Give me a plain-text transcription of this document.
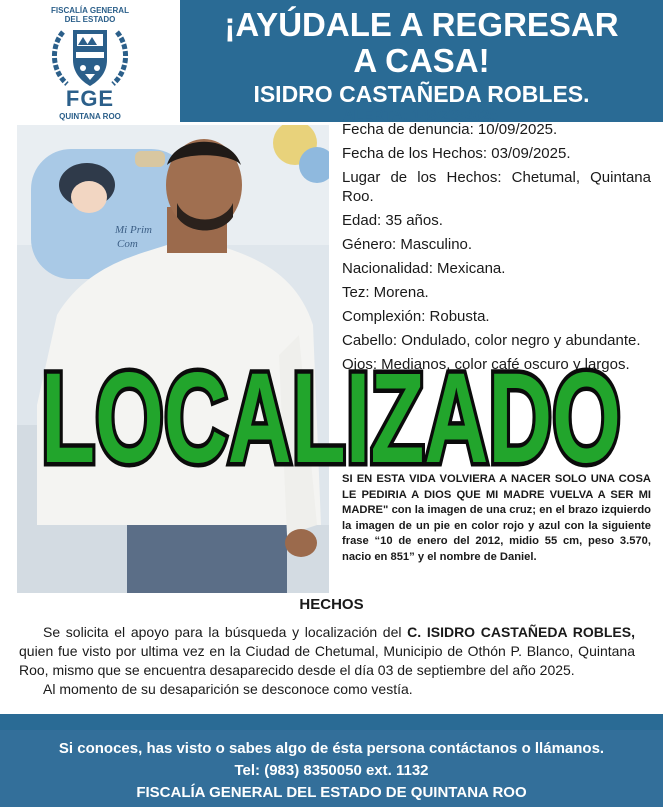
FISCALÍA GENERAL
DEL ESTADO
FGE
QUINTANA ROO
¡AYÚDALE A REGRESAR
A CASA!
ISIDRO CASTAÑEDA ROBLES.
ALERTA: 146/ZS/2025
Mi Prim
Com

Fecha de denuncia: 10/09/2025.

Fecha de los Hechos: 03/09/2025.

Lugar de los Hechos: Chetumal, Quintana Roo.

Edad: 35 años.

Género: Masculino.

Nacionalidad: Mexicana.

Tez: Morena.

Complexión: Robusta.

Cabello: Ondulado, color negro y abundante.

Ojos: Medianos, color café oscuro y largos.

SI EN ESTA VIDA VOLVIERA A NACER SOLO UNA COSA LE PEDIRIA A DIOS QUE MI MADRE VUELVA A SER MI MADRE" con la imagen de una cruz; en el brazo izquierdo la imagen de un pie en color rojo y azul con la siguiente frase “10 de enero del 2012, midio 55 cm, peso 3.570, nacio en 851” y el nombre de Daniel.
LOCALIZADO
HECHOS

Se solicita el apoyo para la búsqueda y localización del C. ISIDRO CASTAÑEDA ROBLES, quien fue visto por ultima vez en la Ciudad de Chetumal, Municipio de Othón P. Blanco, Quintana Roo, mismo que se encuentra desaparecido desde el día 03 de septiembre del año 2025.

Al momento de su desaparición se desconoce como vestía.

Si conoces, has visto o sabes algo de ésta persona contáctanos o llámanos.
Tel: (983) 8350050 ext. 1132
FISCALÍA GENERAL DEL ESTADO DE QUINTANA ROO
